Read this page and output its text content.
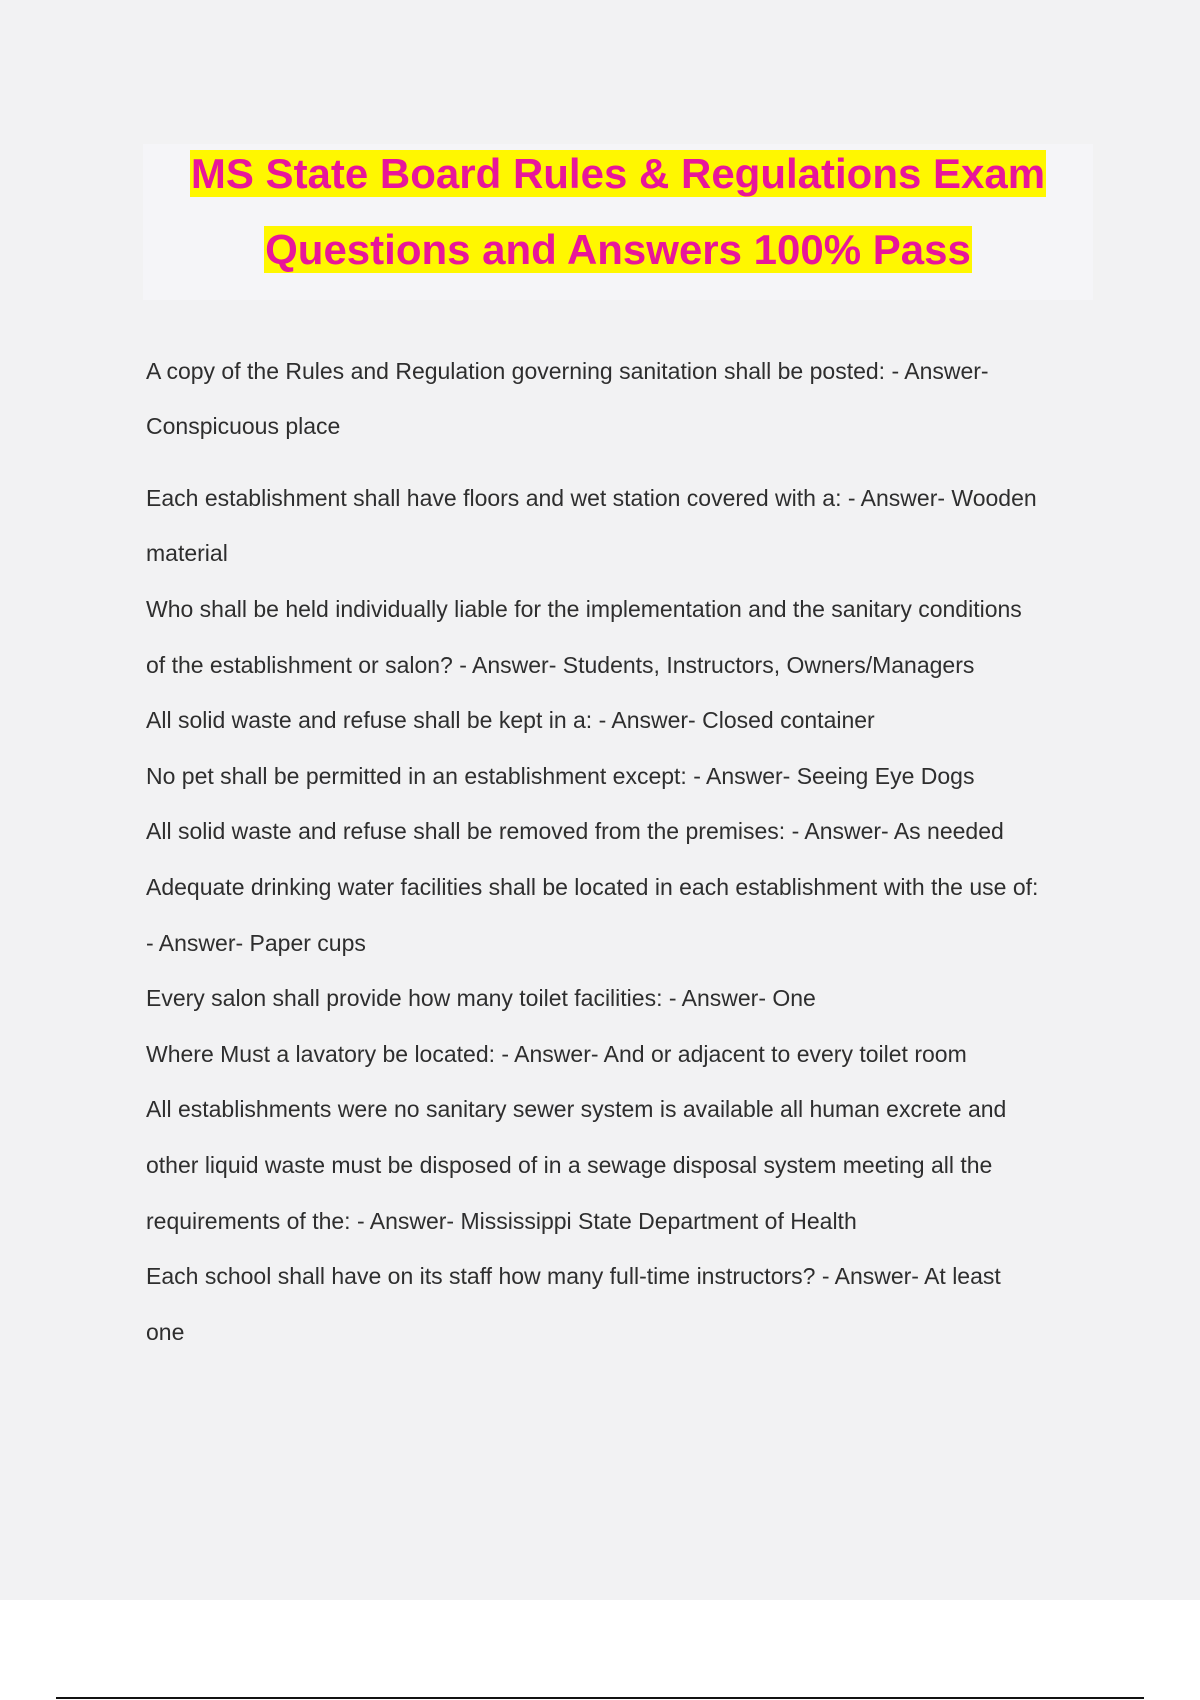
MS State Board Rules & Regulations Exam
Questions and Answers 100% Pass
A copy of the Rules and Regulation governing sanitation shall be posted: - Answer-
Conspicuous place
Each establishment shall have floors and wet station covered with a: - Answer- Wooden
material
Who shall be held individually liable for the implementation and the sanitary conditions
of the establishment or salon? - Answer- Students, Instructors, Owners/Managers
All solid waste and refuse shall be kept in a: - Answer- Closed container
No pet shall be permitted in an establishment except: - Answer- Seeing Eye Dogs
All solid waste and refuse shall be removed from the premises: - Answer- As needed
Adequate drinking water facilities shall be located in each establishment with the use of:
- Answer- Paper cups
Every salon shall provide how many toilet facilities: - Answer- One
Where Must a lavatory be located: - Answer- And or adjacent to every toilet room
All establishments were no sanitary sewer system is available all human excrete and
other liquid waste must be disposed of in a sewage disposal system meeting all the
requirements of the: - Answer- Mississippi State Department of Health
Each school shall have on its staff how many full-time instructors? - Answer- At least
one
